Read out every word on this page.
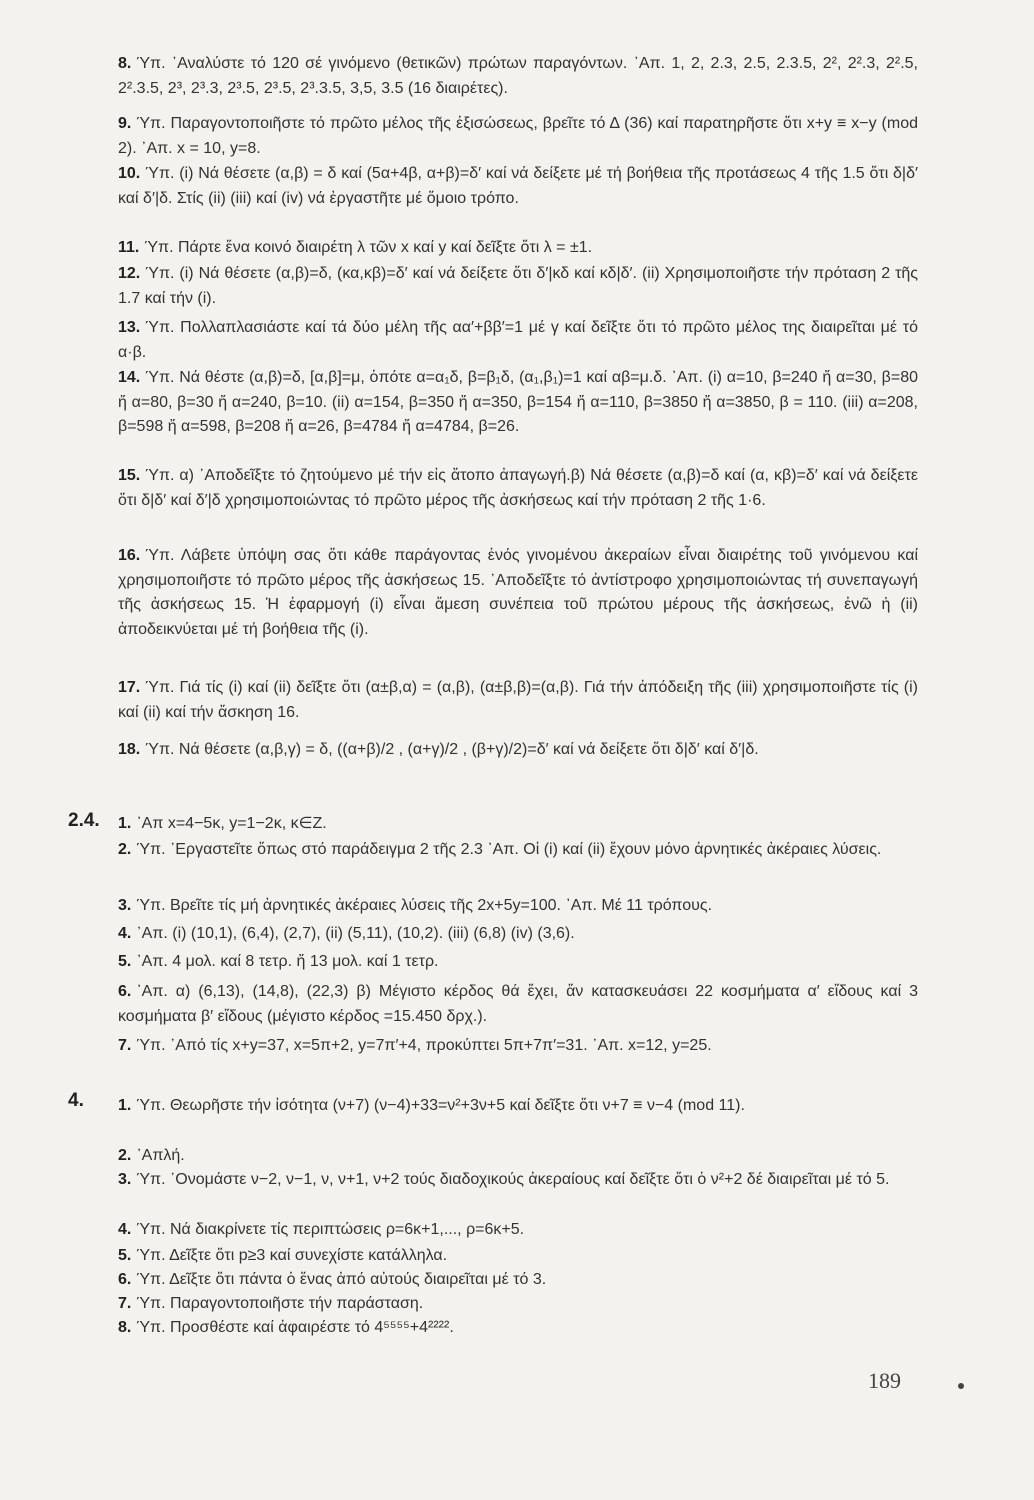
8. Ύπ. ᾽Αναλύστε τό 120 σέ γινόμενο (θετικῶν) πρώτων παραγόντων. ᾽Απ. 1, 2, 2.3, 2.5, 2.3.5, 2², 2².3, 2².5, 2².3.5, 2³, 2³.3, 2³.5, 2³.5, 2³.3.5, 3,5, 3.5 (16 διαιρέτες).
9. Ύπ. Παραγοντοποιῆστε τό πρῶτο μέλος τῆς ἐξισώσεως, βρεῖτε τό Δ (36) καί παρατηρῆστε ὅτι x+y ≡ x−y (mod 2). ᾽Απ. x = 10, y=8.
10. Ύπ. (i) Νά θέσετε (α,β) = δ καί (5α+4β, α+β)=δ′ καί νά δείξετε μέ τή βοήθεια τῆς προτάσεως 4 τῆς 1.5 ὅτι δ|δ′ καί δ′|δ. Στίς (ii) (iii) καί (iv) νά ἐργαστῆτε μέ ὅμοιο τρόπο.
11. Ύπ. Πάρτε ἕνα κοινό διαιρέτη λ τῶν x καί y καί δεῖξτε ὅτι λ = ±1.
12. Ύπ. (i) Νά θέσετε (α,β)=δ, (κα,κβ)=δ′ καί νά δείξετε ὅτι δ′|κδ καί κδ|δ′. (ii) Χρησιμοποιῆστε τήν πρόταση 2 τῆς 1.7 καί τήν (i).
13. Ύπ. Πολλαπλασιάστε καί τά δύο μέλη τῆς αα′+ββ′=1 μέ γ καί δεῖξτε ὅτι τό πρῶτο μέλος της διαιρεῖται μέ τό α·β.
14. Ύπ. Νά θέστε (α,β)=δ, [α,β]=μ, ὁπότε α=α₁δ, β=β₁δ, (α₁,β₁)=1 καί αβ=μ.δ. ᾽Απ. (i) α=10, β=240 ἤ α=30, β=80 ἤ α=80, β=30 ἤ α=240, β=10. (ii) α=154, β=350 ἤ α=350, β=154 ἤ α=110, β=3850 ἤ α=3850, β = 110. (iii) α=208, β=598 ἤ α=598, β=208 ἤ α=26, β=4784 ἤ α=4784, β=26.
15. Ύπ. α) ᾽Αποδεῖξτε τό ζητούμενο μέ τήν εἰς ἄτοπο ἀπαγωγή.β) Νά θέσετε (α,β)=δ καί (α, κβ)=δ′ καί νά δείξετε ὅτι δ|δ′ καί δ′|δ χρησιμοποιώντας τό πρῶτο μέρος τῆς ἀσκήσεως καί τήν πρόταση 2 τῆς 1·6.
16. Ύπ. Λάβετε ὑπόψη σας ὅτι κάθε παράγοντας ἑνός γινομένου ἀκεραίων εἶναι διαιρέτης τοῦ γινόμενου καί χρησιμοποιῆστε τό πρῶτο μέρος τῆς ἀσκήσεως 15. ᾽Αποδεῖξτε τό ἀντίστροφο χρησιμοποιώντας τή συνεπαγωγή τῆς ἀσκήσεως 15. Ἡ ἐφαρμογή (i) εἶναι ἄμεση συνέπεια τοῦ πρώτου μέρους τῆς ἀσκήσεως, ἐνῶ ἡ (ii) ἀποδεικνύεται μέ τή βοήθεια τῆς (i).
17. Ύπ. Γιά τίς (i) καί (ii) δεῖξτε ὅτι (α±β,α) = (α,β), (α±β,β)=(α,β). Γιά τήν ἀπόδειξη τῆς (iii) χρησιμοποιῆστε τίς (i) καί (ii) καί τήν ἄσκηση 16.
18. Ύπ. Νά θέσετε (α,β,γ) = δ, ((α+β)/2 , (α+γ)/2 , (β+γ)/2)=δ′ καί νά δείξετε ὅτι δ|δ′ καί δ′|δ.
2.4. 1. ᾽Απ x=4−5κ, y=1−2κ, κ∈Z.
2. Ύπ. ᾽Εργαστεῖτε ὅπως στό παράδειγμα 2 τῆς 2.3 ᾽Απ. Οἱ (i) καί (ii) ἔχουν μόνο ἀρνητικές ἀκέραιες λύσεις.
3. Ύπ. Βρεῖτε τίς μή ἀρνητικές ἀκέραιες λύσεις τῆς 2x+5y=100. ᾽Απ. Μέ 11 τρόπους.
4. ᾽Απ. (i) (10,1), (6,4), (2,7), (ii) (5,11), (10,2). (iii) (6,8) (iv) (3,6).
5. ᾽Απ. 4 μολ. καί 8 τετρ. ἤ 13 μολ. καί 1 τετρ.
6. ᾽Απ. α) (6,13), (14,8), (22,3) β) Μέγιστο κέρδος θά ἔχει, ἄν κατασκευάσει 22 κοσμήματα α′ εἴδους καί 3 κοσμήματα β′ εἴδους (μέγιστο κέρδος =15.450 δρχ.).
7. Ύπ. ᾽Από τίς x+y=37, x=5π+2, y=7π′+4, προκύπτει 5π+7π′=31. ᾽Απ. x=12, y=25.
4. 1. Ύπ. Θεωρῆστε τήν ἰσότητα (ν+7) (ν−4)+33=ν²+3ν+5 καί δεῖξτε ὅτι ν+7 ≡ ν−4 (mod 11).
2. ᾽Απλή.
3. Ύπ. ᾽Ονομάστε ν−2, ν−1, ν, ν+1, ν+2 τούς διαδοχικούς ἀκεραίους καί δεῖξτε ὅτι ὁ ν²+2 δέ διαιρεῖται μέ τό 5.
4. Ύπ. Νά διακρίνετε τίς περιπτώσεις ρ=6κ+1,..., ρ=6κ+5.
5. Ύπ. Δεῖξτε ὅτι p≥3 καί συνεχίστε κατάλληλα.
6. Ύπ. Δεῖξτε ὅτι πάντα ὁ ἕνας ἀπό αὐτούς διαιρεῖται μέ τό 3.
7. Ύπ. Παραγοντοποιῆστε τήν παράσταση.
8. Ύπ. Προσθέστε καί ἀφαιρέστε τό 4⁵⁵⁵⁵+4²²²².
189
